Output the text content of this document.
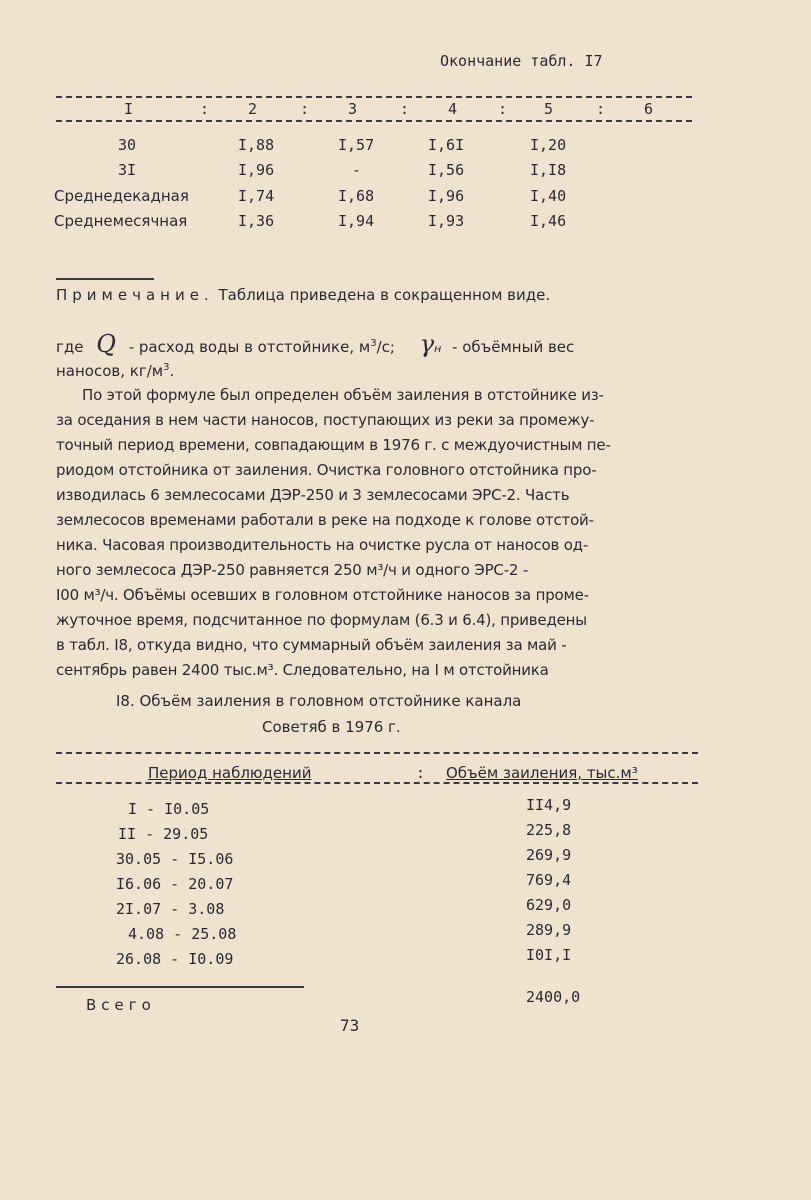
Окончание табл. I7
I	:	2	:	3	:	4	: 5	:	6
30	I,88	I,57	I,6I	I,20
3I	I,96	-	I,56	I,I8
Среднедекадная	I,74	I,68	I,96	I,40
Среднемесячная	I,36	I,94	I,93	I,46
Примечание. Таблица приведена в сокращенном виде.
где Q - расход воды в отстойнике, $м^3/с$; γн - объёмный вес
наносов, $кг/м^3$.
По этой формуле был определен объём заиления в отстойнике из-
за оседания в нем части наносов, поступающих из реки за промежу-
точный период времени, совпадающим в 1976 г. с междуочистным пе-
риодом отстойника от заиления. Очистка головного отстойника про-
изводилась 6 землесосами ДЭР-250 и 3 землесосами ЭРС-2. Часть
землесосов временами работали в реке на подходе к голове отстой-
ника. Часовая производительность на очистке русла от наносов од-
ного землесоса ДЭР-250 равняется 250 м³/ч и одного ЭРС-2 -
I00 м³/ч. Объёмы осевших в головном отстойнике наносов за проме-
жуточное время, подсчитанное по формулам (6.3 и 6.4), приведены
в табл. I8, откуда видно, что суммарный объём заиления за май -
сентябрь равен 2400 тыс.м³. Следовательно, на I м отстойника
I8. Объём заиления в головном отстойнике канала
Советяб в 1976 г.
Период наблюдений	: Объём заиления, тыс.м³
I - I0.05	II4,9
II - 29.05	225,8
30.05 - I5.06	269,9
I6.06 - 20.07	769,4
2I.07 - 3.08	629,0
4.08 - 25.08	289,9
26.08 - I0.09	I0I,I
Всего	2400,0
73
